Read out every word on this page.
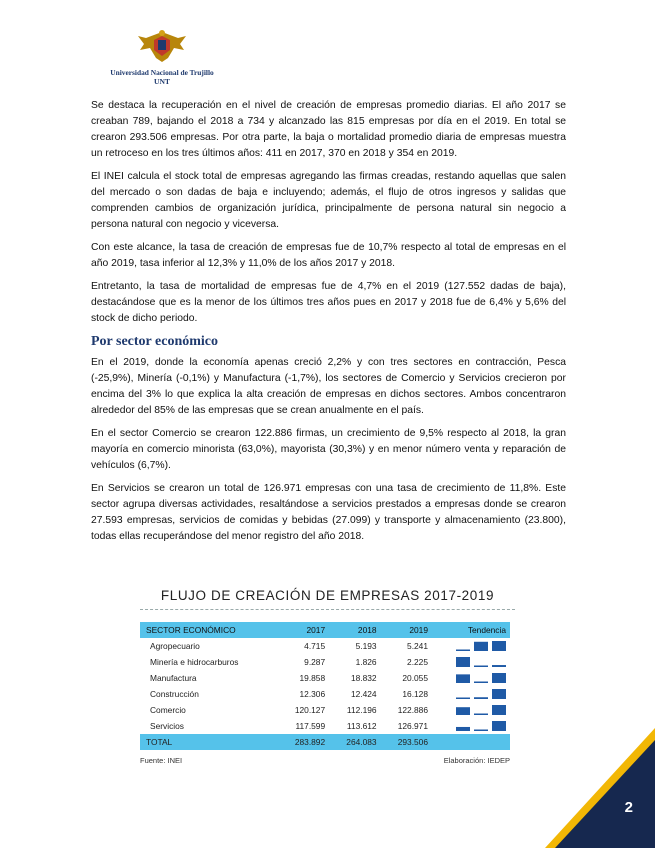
Universidad Nacional de Trujillo
UNT

Se destaca la recuperación en el nivel de creación de empresas promedio diarias. El año 2017 se creaban 789, bajando el 2018 a 734 y alcanzado las 815 empresas por día en el 2019. En total se crearon 293.506 empresas. Por otra parte, la baja o mortalidad promedio diaria de empresas muestra un retroceso en los tres últimos años: 411 en 2017, 370 en 2018 y 354 en 2019.

El INEI calcula el stock total de empresas agregando las firmas creadas, restando aquellas que salen del mercado o son dadas de baja e incluyendo; además, el flujo de otros ingresos y salidas que comprenden cambios de organización jurídica, principalmente de persona natural sin negocio a persona natural con negocio y viceversa.

Con este alcance, la tasa de creación de empresas fue de 10,7% respecto al total de empresas en el año 2019, tasa inferior al 12,3% y 11,0% de los años 2017 y 2018.

Entretanto, la tasa de mortalidad de empresas fue de 4,7% en el 2019 (127.552 dadas de baja), destacándose que es la menor de los últimos tres años pues en 2017 y 2018 fue de 6,4% y 5,6% del stock de dicho periodo.

Por sector económico

En el 2019, donde la economía apenas creció 2,2% y con tres sectores en contracción, Pesca (-25,9%), Minería (-0,1%) y Manufactura (-1,7%), los sectores de Comercio y Servicios crecieron por encima del 3% lo que explica la alta creación de empresas en dichos sectores. Ambos concentraron alrededor del 85% de las empresas que se crean anualmente en el país.

En el sector Comercio se crearon 122.886 firmas, un crecimiento de 9,5% respecto al 2018, la gran mayoría en comercio minorista (63,0%), mayorista (30,3%) y en menor número venta y reparación de vehículos (6,7%).

En Servicios se crearon un total de 126.971 empresas con una tasa de crecimiento de 11,8%. Este sector agrupa diversas actividades, resaltándose a servicios prestados a empresas donde se crearon 27.593 empresas, servicios de comidas y bebidas (27.099) y transporte y almacenamiento (23.800), todas ellas recuperándose del menor registro del año 2018.

FLUJO DE CREACIÓN DE EMPRESAS 2017-2019
SECTOR ECONÓMICO	2017	2018	2019	Tendencia
Agropecuario	4.715	5.193	5.241	
Minería e hidrocarburos	9.287	1.826	2.225	
Manufactura	19.858	18.832	20.055	
Construcción	12.306	12.424	16.128	
Comercio	120.127	112.196	122.886	
Servicios	117.599	113.612	126.971	
TOTAL	283.892	264.083	293.506	
Fuente: INEI	Elaboración: IEDEP
2
